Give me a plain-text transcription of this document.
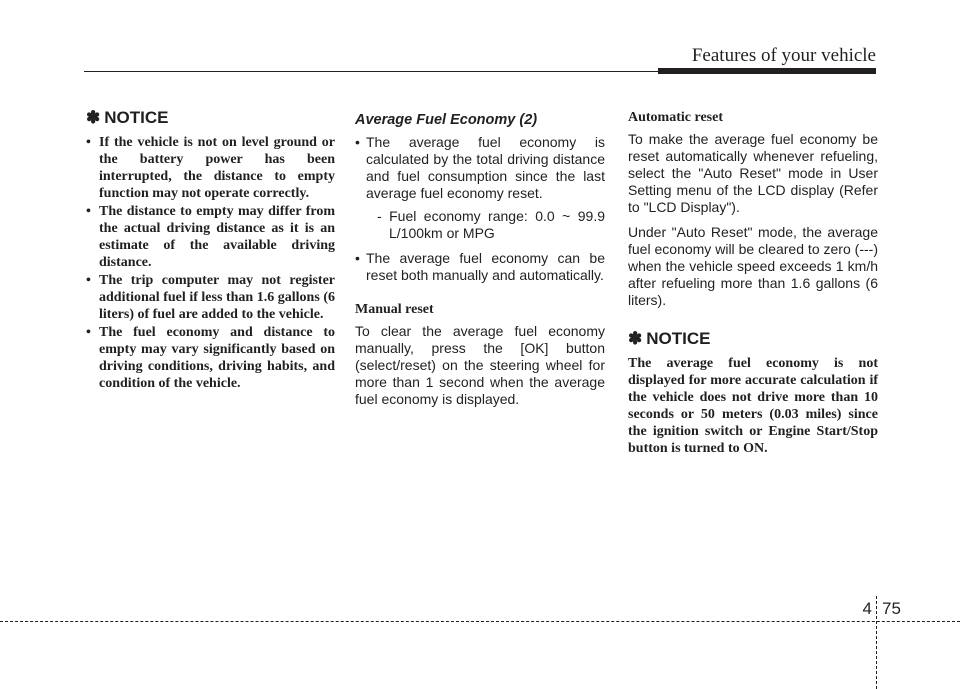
Features of your vehicle
✽ NOTICE
• If the vehicle is not on level ground or the battery power has been interrupted, the distance to empty function may not operate correctly.
• The distance to empty may differ from the actual driving distance as it is an estimate of the available driving distance.
• The trip computer may not register additional fuel if less than 1.6 gallons (6 liters) of fuel are added to the vehicle.
• The fuel economy and distance to empty may vary significantly based on driving conditions, driving habits, and condition of the vehicle.
Average Fuel Economy (2)
• The average fuel economy is calculated by the total driving distance and fuel consumption since the last average fuel economy reset.
- Fuel economy range: 0.0 ~ 99.9 L/100km or MPG
• The average fuel economy can be reset both manually and automatically.
Manual reset

To clear the average fuel economy manually, press the [OK] button (select/reset) on the steering wheel for more than 1 second when the average fuel economy is displayed.

Automatic reset

To make the average fuel economy be reset automatically whenever refueling, select the "Auto Reset" mode in User Setting menu of the LCD display (Refer to "LCD Display").

Under "Auto Reset" mode, the average fuel economy will be cleared to zero (---) when the vehicle speed exceeds 1 km/h after refueling more than 1.6 gallons (6 liters).

✽ NOTICE

The average fuel economy is not displayed for more accurate calculation if the vehicle does not drive more than 10 seconds or 50 meters (0.03 miles) since the ignition switch or Engine Start/Stop button is turned to ON.

4 75
